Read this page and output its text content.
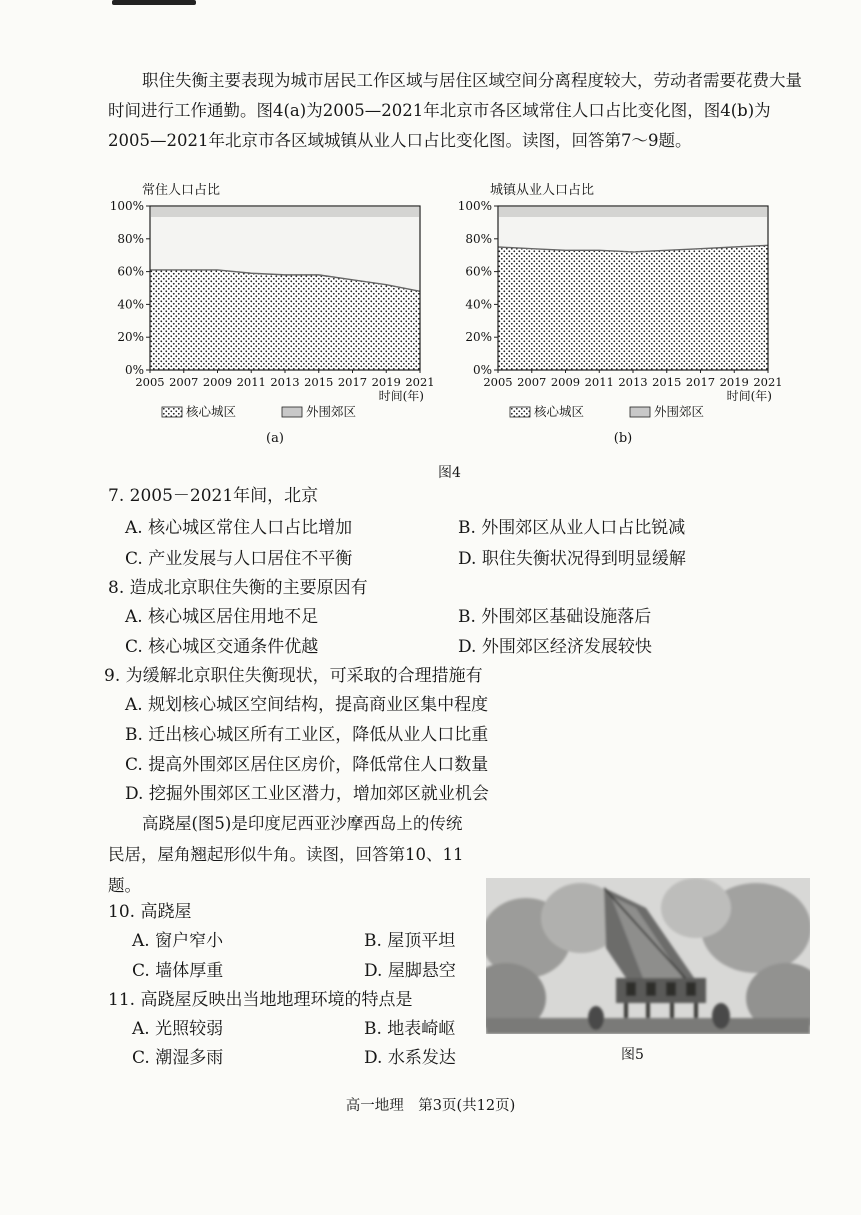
职住失衡主要表现为城市居民工作区域与居住区域空间分离程度较大，劳动者需要花费大量时间进行工作通勤。图4(a)为2005—2021年北京市各区域常住人口占比变化图，图4(b)为2005—2021年北京市各区域城镇从业人口占比变化图。读图，回答第7～9题。

常住人口占比
0%
20%
40%
60%
80%
100%
2005 2007 2009 2011 2013 2015 2017 2019 2021
时间(年)
核心城区	外围郊区
(a)
城镇从业人口占比
0%
20%
40%
60%
80%
100%
2005 2007 2009 2011 2013 2015 2017 2019 2021
时间(年)
核心城区	外围郊区
(b)
图4
7. 2005－2021年间，北京
A. 核心城区常住人口占比增加	B. 外围郊区从业人口占比锐减
C. 产业发展与人口居住不平衡	D. 职住失衡状况得到明显缓解
8. 造成北京职住失衡的主要原因有
A. 核心城区居住用地不足	B. 外围郊区基础设施落后
C. 核心城区交通条件优越	D. 外围郊区经济发展较快
9. 为缓解北京职住失衡现状，可采取的合理措施有
A. 规划核心城区空间结构，提高商业区集中程度
B. 迁出核心城区所有工业区，降低从业人口比重
C. 提高外围郊区居住区房价，降低常住人口数量
D. 挖掘外围郊区工业区潜力，增加郊区就业机会

高跷屋(图5)是印度尼西亚沙摩西岛上的传统民居，屋角翘起形似牛角。读图，回答第10、11题。

10. 高跷屋
A. 窗户窄小	B. 屋顶平坦
C. 墙体厚重	D. 屋脚悬空
11. 高跷屋反映出当地地理环境的特点是
A. 光照较弱	B. 地表崎岖
C. 潮湿多雨	D. 水系发达	图5
高一地理　第3页(共12页)
